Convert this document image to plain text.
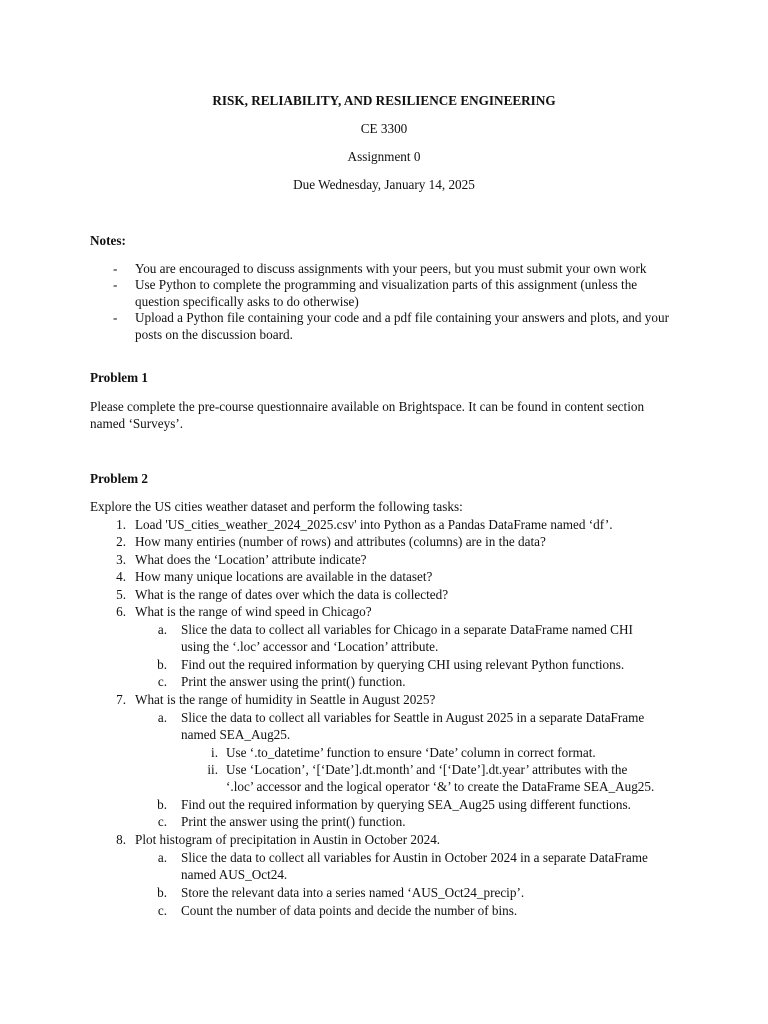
RISK, RELIABILITY, AND RESILIENCE ENGINEERING
CE 3300
Assignment 0
Due Wednesday, January 14, 2025
Notes:
- You are encouraged to discuss assignments with your peers, but you must submit your own work
- Use Python to complete the programming and visualization parts of this assignment (unless the question specifically asks to do otherwise)
- Upload a Python file containing your code and a pdf file containing your answers and plots, and your posts on the discussion board.
Problem 1
Please complete the pre-course questionnaire available on Brightspace. It can be found in content section named ‘Surveys’.
Problem 2
Explore the US cities weather dataset and perform the following tasks:
1. Load 'US_cities_weather_2024_2025.csv' into Python as a Pandas DataFrame named ‘df’.
2. How many entiries (number of rows) and attributes (columns) are in the data?
3. What does the ‘Location’ attribute indicate?
4. How many unique locations are available in the dataset?
5. What is the range of dates over which the data is collected?
6. What is the range of wind speed in Chicago?
a. Slice the data to collect all variables for Chicago in a separate DataFrame named CHI
using the ‘.loc’ accessor and ‘Location’ attribute.
b. Find out the required information by querying CHI using relevant Python functions.
c. Print the answer using the print() function.
7. What is the range of humidity in Seattle in August 2025?
a. Slice the data to collect all variables for Seattle in August 2025 in a separate DataFrame
named SEA_Aug25.
i. Use ‘.to_datetime’ function to ensure ‘Date’ column in correct format.
ii. Use ‘Location’, ‘[‘Date’].dt.month’ and ‘[‘Date’].dt.year’ attributes with the
‘.loc’ accessor and the logical operator ‘&’ to create the DataFrame SEA_Aug25.
b. Find out the required information by querying SEA_Aug25 using different functions.
c. Print the answer using the print() function.
8. Plot histogram of precipitation in Austin in October 2024.
a. Slice the data to collect all variables for Austin in October 2024 in a separate DataFrame
named AUS_Oct24.
b. Store the relevant data into a series named ‘AUS_Oct24_precip’.
c. Count the number of data points and decide the number of bins.
